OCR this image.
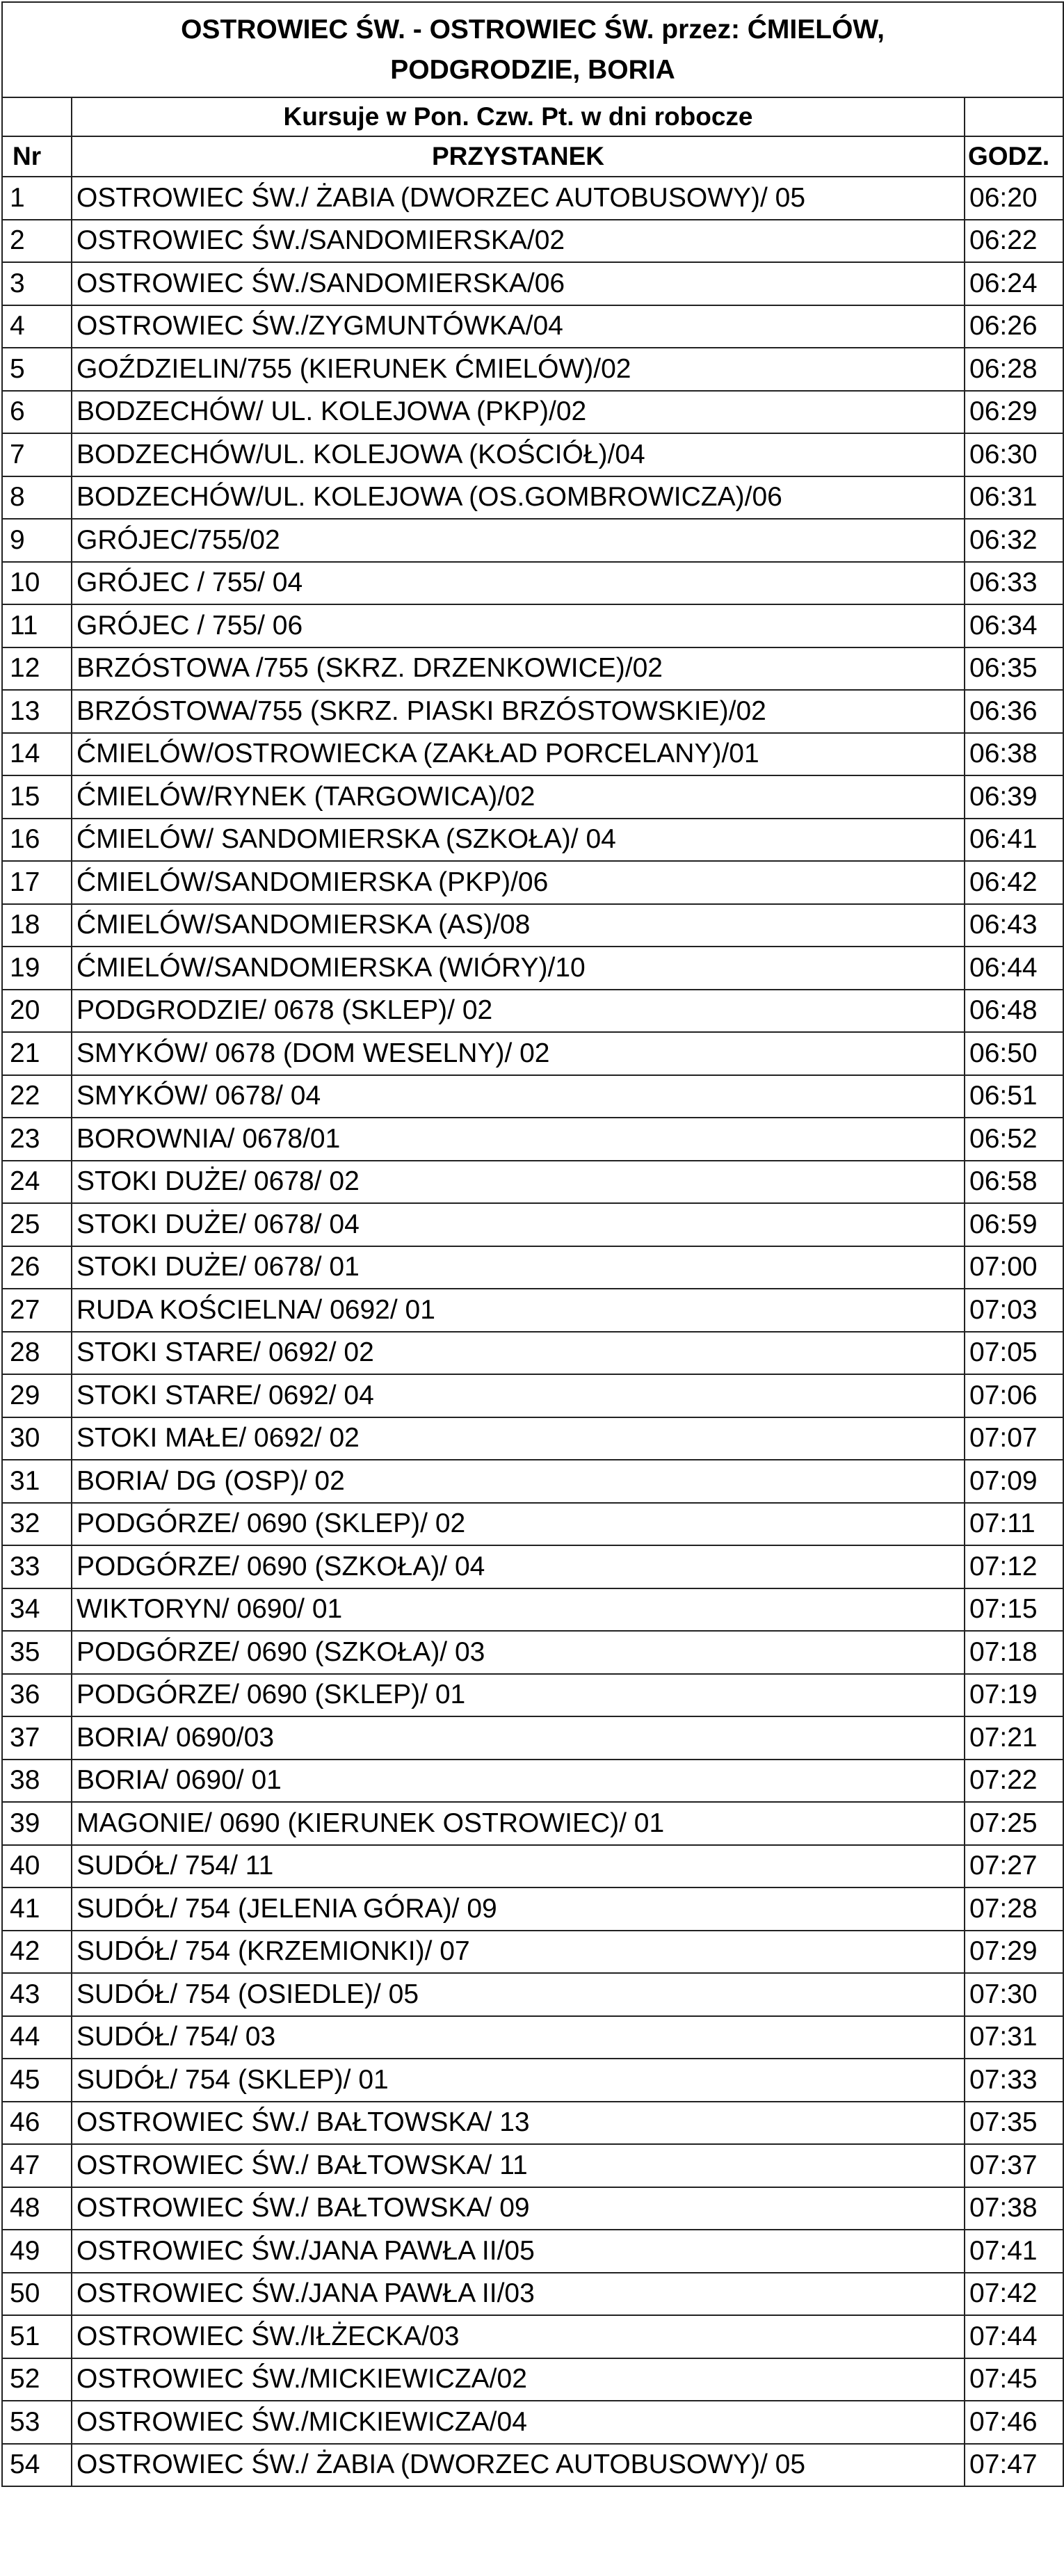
OSTROWIEC ŚW. - OSTROWIEC ŚW. przez: ĆMIELÓW,
PODGRODZIE, BORIA		

	Kursuje w Pon. Czw. Pt. w dni robocze	
Nr	PRZYSTANEK	GODZ.
1	OSTROWIEC ŚW./ ŻABIA (DWORZEC AUTOBUSOWY)/ 05	06:20
2	OSTROWIEC ŚW./SANDOMIERSKA/02	06:22
3	OSTROWIEC ŚW./SANDOMIERSKA/06	06:24
4	OSTROWIEC ŚW./ZYGMUNTÓWKA/04	06:26
5	GOŹDZIELIN/755 (KIERUNEK ĆMIELÓW)/02	06:28
6	BODZECHÓW/ UL. KOLEJOWA (PKP)/02	06:29
7	BODZECHÓW/UL. KOLEJOWA (KOŚCIÓŁ)/04	06:30
8	BODZECHÓW/UL. KOLEJOWA (OS.GOMBROWICZA)/06	06:31
9	GRÓJEC/755/02	06:32
10	GRÓJEC / 755/ 04	06:33
11	GRÓJEC / 755/ 06	06:34
12	BRZÓSTOWA /755 (SKRZ. DRZENKOWICE)/02	06:35
13	BRZÓSTOWA/755 (SKRZ. PIASKI BRZÓSTOWSKIE)/02	06:36
14	ĆMIELÓW/OSTROWIECKA (ZAKŁAD PORCELANY)/01	06:38
15	ĆMIELÓW/RYNEK (TARGOWICA)/02	06:39
16	ĆMIELÓW/ SANDOMIERSKA (SZKOŁA)/ 04	06:41
17	ĆMIELÓW/SANDOMIERSKA (PKP)/06	06:42
18	ĆMIELÓW/SANDOMIERSKA (AS)/08	06:43
19	ĆMIELÓW/SANDOMIERSKA (WIÓRY)/10	06:44
20	PODGRODZIE/ 0678 (SKLEP)/ 02	06:48
21	SMYKÓW/ 0678 (DOM WESELNY)/ 02	06:50
22	SMYKÓW/ 0678/ 04	06:51
23	BOROWNIA/ 0678/01	06:52
24	STOKI DUŻE/ 0678/ 02	06:58
25	STOKI DUŻE/ 0678/ 04	06:59
26	STOKI DUŻE/ 0678/ 01	07:00
27	RUDA KOŚCIELNA/ 0692/ 01	07:03
28	STOKI STARE/ 0692/ 02	07:05
29	STOKI STARE/ 0692/ 04	07:06
30	STOKI MAŁE/ 0692/ 02	07:07
31	BORIA/ DG (OSP)/ 02	07:09
32	PODGÓRZE/ 0690 (SKLEP)/ 02	07:11
33	PODGÓRZE/ 0690 (SZKOŁA)/ 04	07:12
34	WIKTORYN/ 0690/ 01	07:15
35	PODGÓRZE/ 0690 (SZKOŁA)/ 03	07:18
36	PODGÓRZE/ 0690 (SKLEP)/ 01	07:19
37	BORIA/ 0690/03	07:21
38	BORIA/ 0690/ 01	07:22
39	MAGONIE/ 0690 (KIERUNEK OSTROWIEC)/ 01	07:25
40	SUDÓŁ/ 754/ 11	07:27
41	SUDÓŁ/ 754 (JELENIA GÓRA)/ 09	07:28
42	SUDÓŁ/ 754 (KRZEMIONKI)/ 07	07:29
43	SUDÓŁ/ 754 (OSIEDLE)/ 05	07:30
44	SUDÓŁ/ 754/ 03	07:31
45	SUDÓŁ/ 754 (SKLEP)/ 01	07:33
46	OSTROWIEC ŚW./ BAŁTOWSKA/ 13	07:35
47	OSTROWIEC ŚW./ BAŁTOWSKA/ 11	07:37
48	OSTROWIEC ŚW./ BAŁTOWSKA/ 09	07:38
49	OSTROWIEC ŚW./JANA PAWŁA II/05	07:41
50	OSTROWIEC ŚW./JANA PAWŁA II/03	07:42
51	OSTROWIEC ŚW./IŁŻECKA/03	07:44
52	OSTROWIEC ŚW./MICKIEWICZA/02	07:45
53	OSTROWIEC ŚW./MICKIEWICZA/04	07:46
54	OSTROWIEC ŚW./ ŻABIA (DWORZEC AUTOBUSOWY)/ 05	07:47
